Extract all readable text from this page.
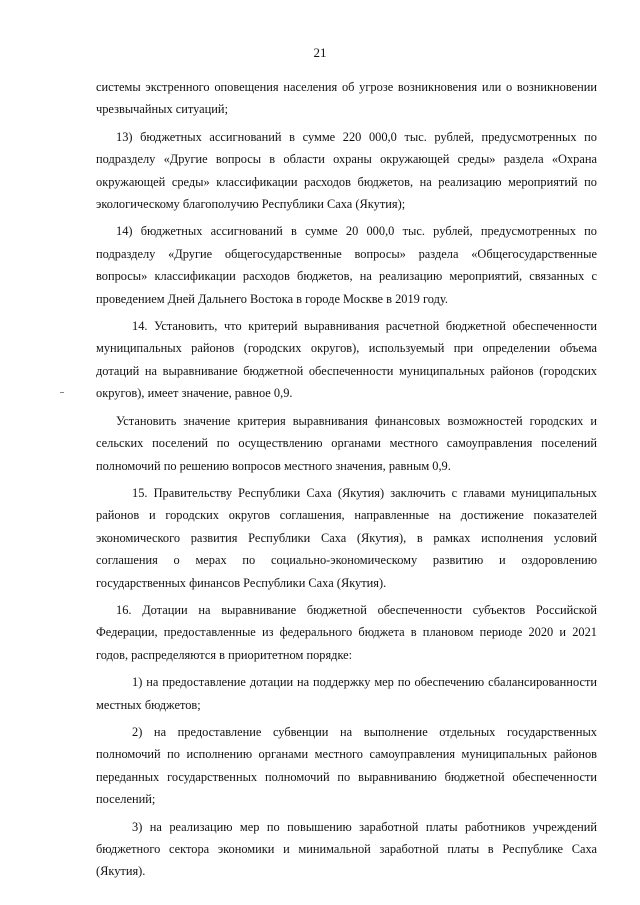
21

системы экстренного оповещения населения об угрозе возникновения или о возникновении чрезвычайных ситуаций;

13) бюджетных ассигнований в сумме 220 000,0 тыс. рублей, предусмотренных по подразделу «Другие вопросы в области охраны окружающей среды» раздела «Охрана окружающей среды» классификации расходов бюджетов, на реализацию мероприятий по экологическому благополучию Республики Саха (Якутия);

14) бюджетных ассигнований в сумме 20 000,0 тыс. рублей, предусмотренных по подразделу «Другие общегосударственные вопросы» раздела «Общегосударственные вопросы» классификации расходов бюджетов, на реализацию мероприятий, связанных с проведением Дней Дальнего Востока в городе Москве в 2019 году.

14. Установить, что критерий выравнивания расчетной бюджетной обеспеченности муниципальных районов (городских округов), используемый при определении объема дотаций на выравнивание бюджетной обеспеченности муниципальных районов (городских округов), имеет значение, равное 0,9.

Установить значение критерия выравнивания финансовых возможностей городских и сельских поселений по осуществлению органами местного самоуправления поселений полномочий по решению вопросов местного значения, равным 0,9.

15. Правительству Республики Саха (Якутия) заключить с главами муниципальных районов и городских округов соглашения, направленные на достижение показателей экономического развития Республики Саха (Якутия), в рамках исполнения условий соглашения о мерах по социально-экономическому развитию и оздоровлению государственных финансов Республики Саха (Якутия).

16. Дотации на выравнивание бюджетной обеспеченности субъектов Российской Федерации, предоставленные из федерального бюджета в плановом периоде 2020 и 2021 годов, распределяются в приоритетном порядке:

1) на предоставление дотации на поддержку мер по обеспечению сбалансированности местных бюджетов;

2) на предоставление субвенции на выполнение отдельных государственных полномочий по исполнению органами местного самоуправления муниципальных районов переданных государственных полномочий по выравниванию бюджетной обеспеченности поселений;

3) на реализацию мер по повышению заработной платы работников учреждений бюджетного сектора экономики и минимальной заработной платы в Республике Саха (Якутия).
